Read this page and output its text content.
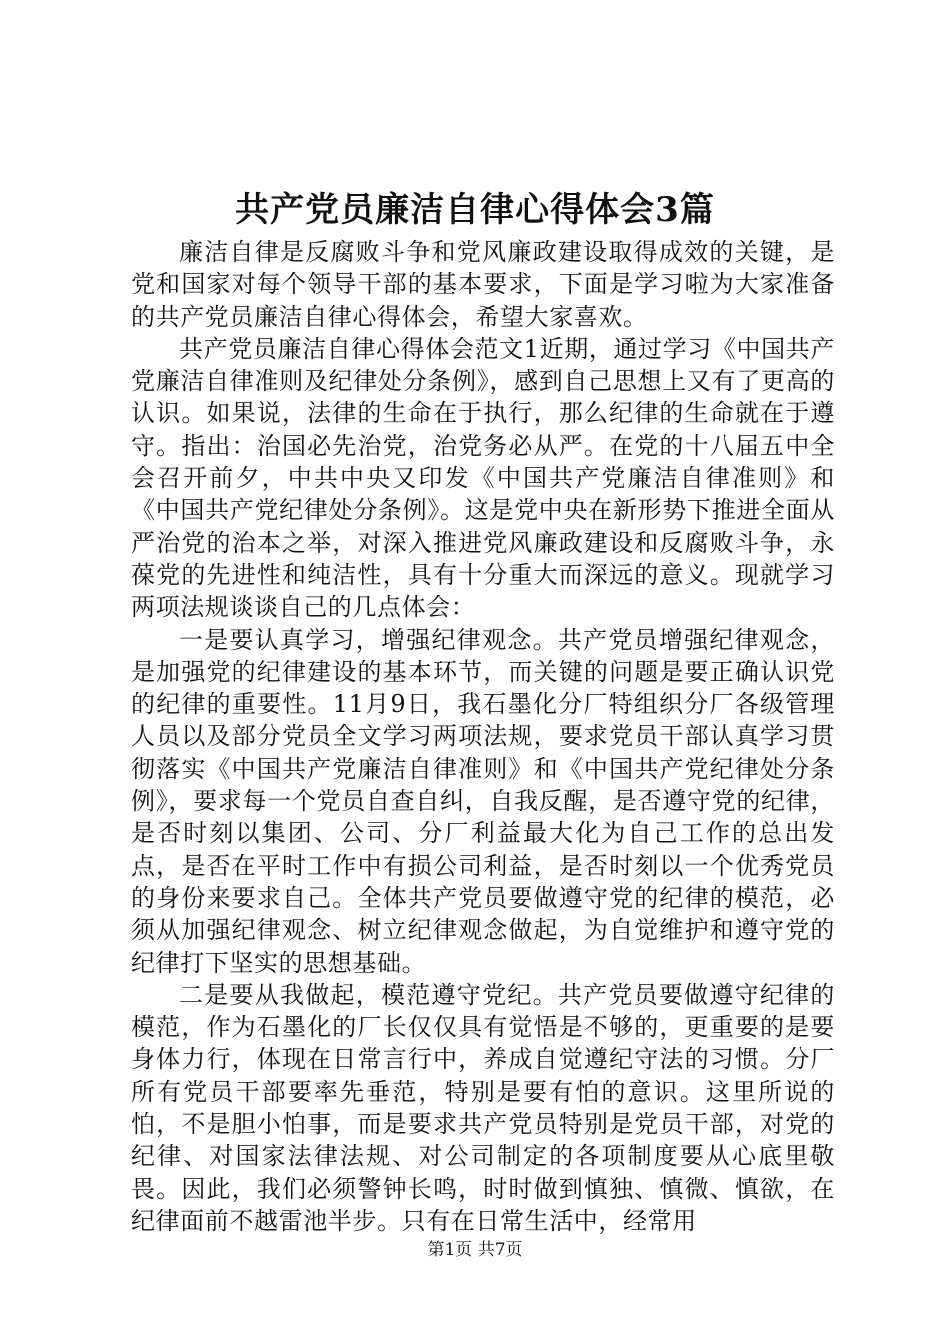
共产党员廉洁自律心得体会3篇

廉洁自律是反腐败斗争和党风廉政建设取得成效的关键，是党和国家对每个领导干部的基本要求，下面是学习啦为大家准备的共产党员廉洁自律心得体会，希望大家喜欢。

共产党员廉洁自律心得体会范文1近期，通过学习《中国共产党廉洁自律准则及纪律处分条例》，感到自己思想上又有了更高的认识。如果说，法律的生命在于执行，那么纪律的生命就在于遵守。指出：治国必先治党，治党务必从严。在党的十八届五中全会召开前夕，中共中央又印发《中国共产党廉洁自律准则》和《中国共产党纪律处分条例》。这是党中央在新形势下推进全面从严治党的治本之举，对深入推进党风廉政建设和反腐败斗争，永葆党的先进性和纯洁性，具有十分重大而深远的意义。现就学习两项法规谈谈自己的几点体会：

一是要认真学习，增强纪律观念。共产党员增强纪律观念，是加强党的纪律建设的基本环节，而关键的问题是要正确认识党的纪律的重要性。11月9日，我石墨化分厂特组织分厂各级管理人员以及部分党员全文学习两项法规，要求党员干部认真学习贯彻落实《中国共产党廉洁自律准则》和《中国共产党纪律处分条例》，要求每一个党员自查自纠，自我反醒，是否遵守党的纪律，是否时刻以集团、公司、分厂利益最大化为自己工作的总出发点，是否在平时工作中有损公司利益，是否时刻以一个优秀党员的身份来要求自己。全体共产党员要做遵守党的纪律的模范，必须从加强纪律观念、树立纪律观念做起，为自觉维护和遵守党的纪律打下坚实的思想基础。

二是要从我做起，模范遵守党纪。共产党员要做遵守纪律的模范，作为石墨化的厂长仅仅具有觉悟是不够的，更重要的是要身体力行，体现在日常言行中，养成自觉遵纪守法的习惯。分厂所有党员干部要率先垂范，特别是要有怕的意识。这里所说的怕，不是胆小怕事，而是要求共产党员特别是党员干部，对党的纪律、对国家法律法规、对公司制定的各项制度要从心底里敬畏。因此，我们必须警钟长鸣，时时做到慎独、慎微、慎欲，在纪律面前不越雷池半步。只有在日常生活中，经常用

第1页 共7页
